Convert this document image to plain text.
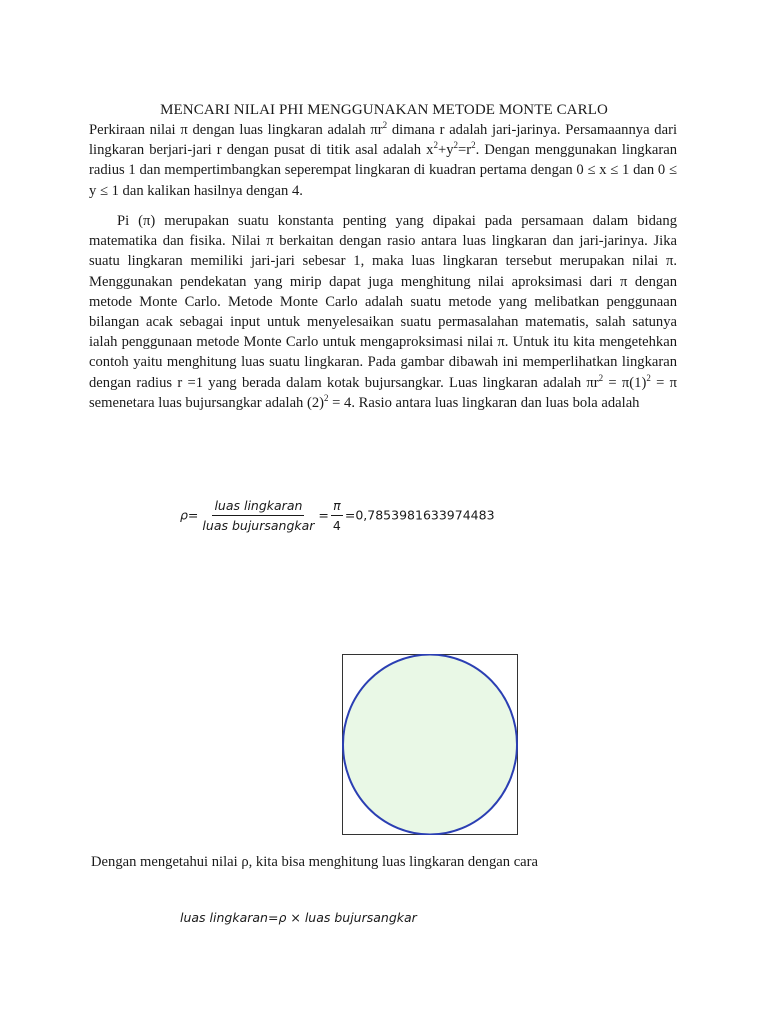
MENCARI NILAI PHI MENGGUNAKAN METODE MONTE CARLO

Perkiraan nilai π dengan luas lingkaran adalah $\pi r^2$ dimana r adalah jari-jarinya. Persamaannya dari lingkaran berjari-jari r dengan pusat di titik asal adalah $x^2+y^2=r^2$. Dengan menggunakan lingkaran radius 1 dan mempertimbangkan seperempat lingkaran di kuadran pertama dengan 0 ≤ x ≤ 1 dan 0 ≤ y ≤ 1 dan kalikan hasilnya dengan 4.

Pi (π) merupakan suatu konstanta penting yang dipakai pada persamaan dalam bidang matematika dan fisika. Nilai π berkaitan dengan rasio antara luas lingkaran dan jari-jarinya. Jika suatu lingkaran memiliki jari-jari sebesar 1, maka luas lingkaran tersebut merupakan nilai π. Menggunakan pendekatan yang mirip dapat juga menghitung nilai aproksimasi dari π dengan metode Monte Carlo. Metode Monte Carlo adalah suatu metode yang melibatkan penggunaan bilangan acak sebagai input untuk menyelesaikan suatu permasalahan matematis, salah satunya ialah penggunaan metode Monte Carlo untuk mengaproksimasi nilai π. Untuk itu kita mengetehkan contoh yaitu menghitung luas suatu lingkaran. Pada gambar dibawah ini memperlihatkan lingkaran dengan radius r =1 yang berada dalam kotak bujursangkar. Luas lingkaran adalah $\pi r^2 = \pi(1)^2 = \pi$ semenetara luas bujursangkar adalah $(2)^2 = 4$. Rasio antara luas lingkaran dan luas bola adalah

$\rho= \frac{\text{luas lingkaran}}{\text{luas bujursangkar}} = \frac{\pi}{4} =0,7853981633974483$

Dengan mengetahui nilai ρ, kita bisa menghitung luas lingkaran dengan cara

luas lingkaran=ρ × luas bujursangkar
